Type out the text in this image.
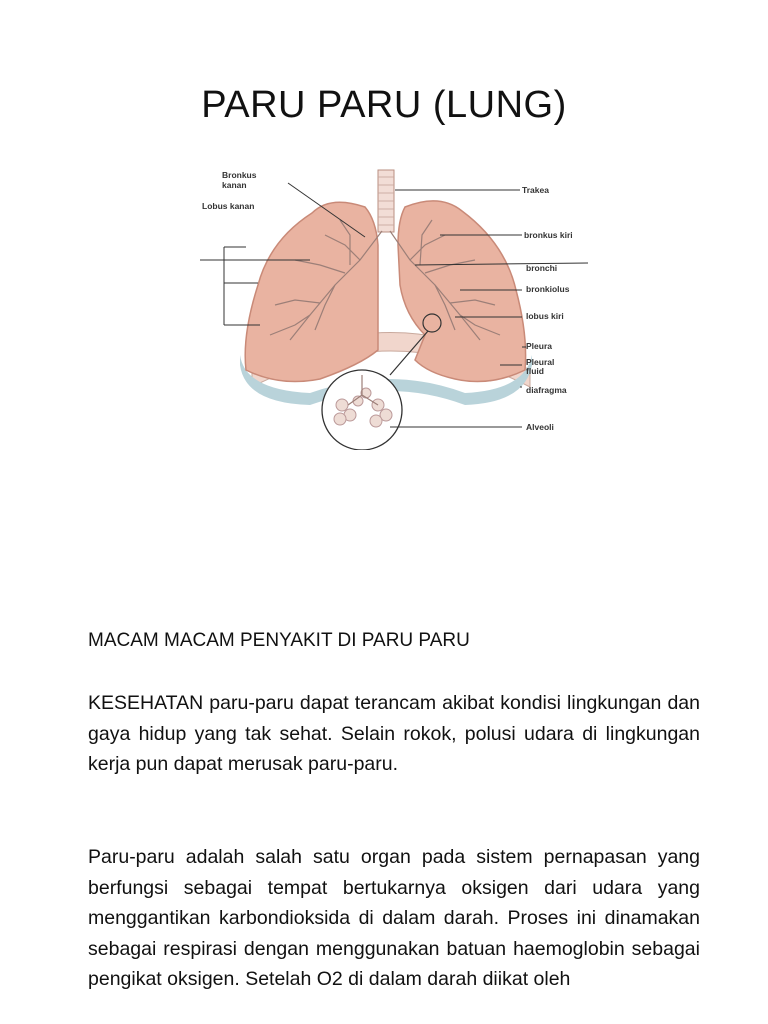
PARU PARU (LUNG)
Bronkus
kanan
Lobus kanan
Trakea
bronkus kiri
bronchi
bronkiolus
lobus kiri
Pleura
Pleural
fluid
diafragma
Alveoli
MACAM MACAM PENYAKIT DI PARU PARU

KESEHATAN paru-paru dapat terancam akibat kondisi lingkungan dan gaya hidup yang tak sehat. Selain rokok, polusi udara di lingkungan kerja pun dapat merusak paru-paru.

Paru-paru adalah salah satu organ pada sistem pernapasan yang berfungsi sebagai tempat bertukarnya oksigen dari udara yang menggantikan karbondioksida di dalam darah. Proses ini dinamakan sebagai respirasi dengan menggunakan batuan haemoglobin sebagai pengikat oksigen. Setelah O2 di dalam darah diikat oleh
